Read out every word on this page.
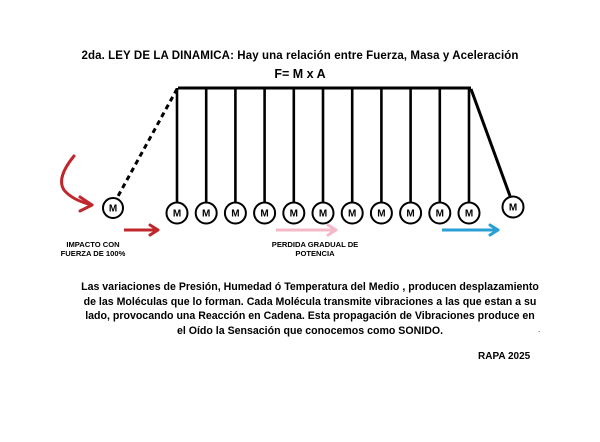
2da. LEY DE LA DINAMICA: Hay una relación entre Fuerza, Masa y Aceleración
F= M x A
M	M M M M M M M M M M M
M
IMPACTO CON FUERZA DE 100%
PERDIDA GRADUAL DE POTENCIA
Las variaciones de Presión, Humedad ó Temperatura del Medio , producen desplazamiento de las Moléculas que lo forman. Cada Molécula transmite vibraciones a las que estan a su lado, provocando una Reacción en Cadena. Esta propagación de Vibraciones produce en el Oído la Sensación que conocemos como SONIDO.	.
RAPA 2025
